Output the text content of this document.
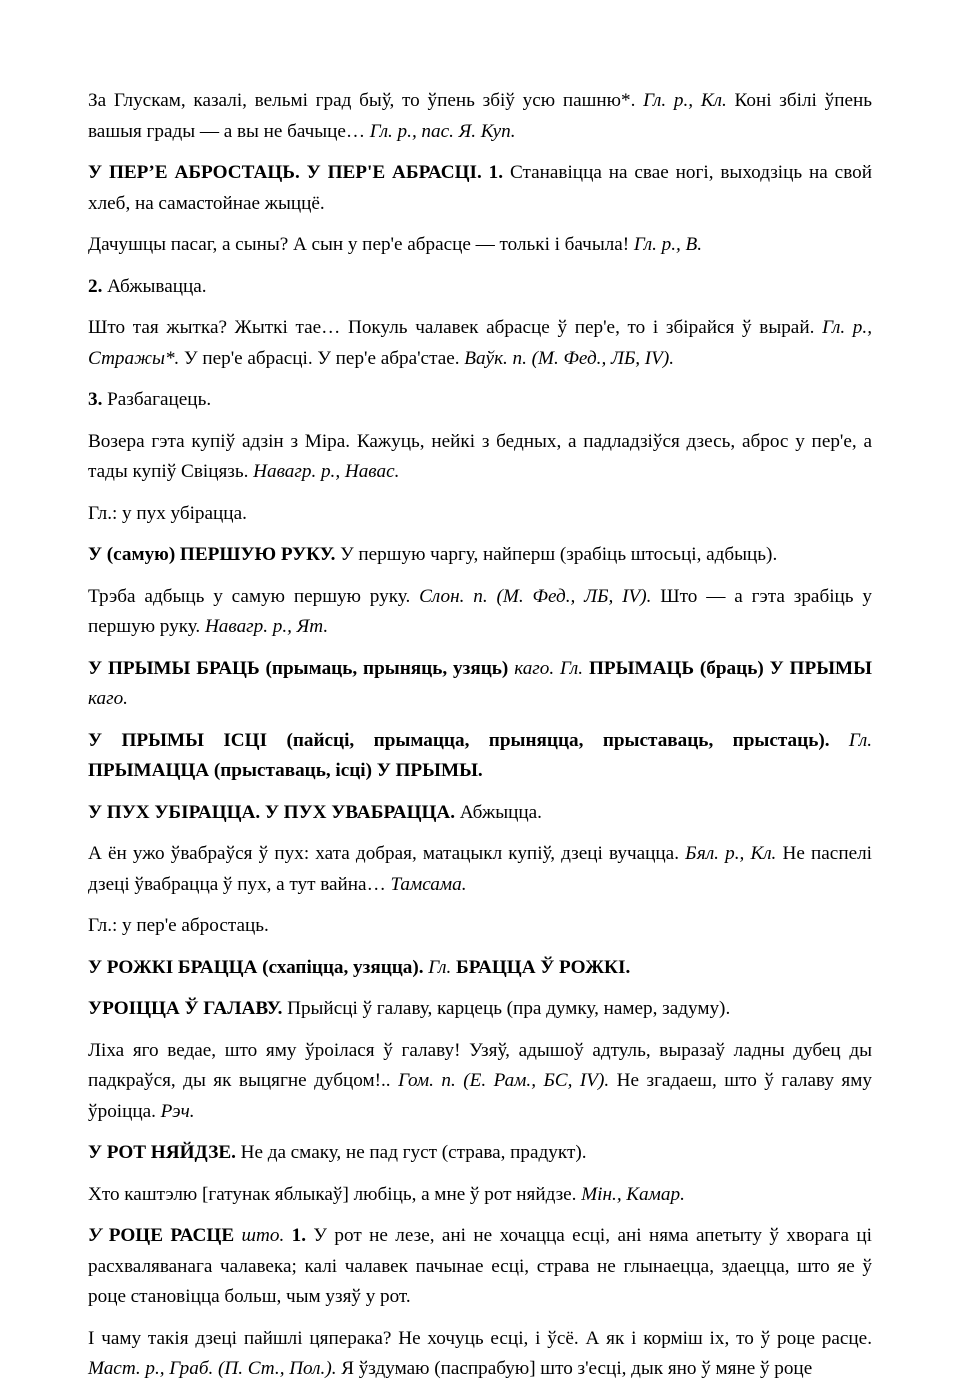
За Глускам, казалі, вельмі град быў, то ўпень збіў усю пашню*. Гл. р., Кл. Коні збілі ўпень вашыя грады — а вы не бачыце… Гл. р., пас. Я. Куп.

У ПЕР’Е АБРОСТАЦЬ. У ПЕР'Е АБРАСЦІ. 1. Станавіцца на свае ногі, выходзіць на свой хлеб, на самастойнае жыццё.

Дачушцы пасаг, а сыны? А сын у пер'е абрасце — толькі і бачыла! Гл. р., В.

2. Абжывацца.

Што тая жытка? Жыткі тае… Покуль чалавек абрасце ў пер'е, то і збірайся ў вырай. Гл. р., Стражы*. У пер'е абрасці. У пер'е абра'стае. Ваўк. п. (М. Фед., ЛБ, IV).

3. Разбагацець.

Возера гэта купіў адзін з Міра. Кажуць, нейкі з бедных, а падладзіўся дзесь, аброс у пер'е, а тады купіў Свіцязь. Навагр. р., Навас.

Гл.: у пух убірацца.

У (самую) ПЕРШУЮ РУКУ. У першую чаргу, найперш (зрабіць штосьці, адбыць).

Трэба адбыць у самую першую руку. Слон. п. (М. Фед., ЛБ, IV). Што — а гэта зрабіць у першую руку. Навагр. р., Ят.

У ПРЫМЫ БРАЦЬ (прымаць, прыняць, узяць) каго. Гл. ПРЫМАЦЬ (браць) У ПРЫМЫ каго.

У ПРЫМЫ ІСЦІ (пайсці, прымацца, прыняцца, прыставаць, прыстаць). Гл. ПРЫМАЦЦА (прыставаць, ісці) У ПРЫМЫ.

У ПУХ УБІРАЦЦА. У ПУХ УВАБРАЦЦА. Абжыцца.

А ён ужо ўвабраўся ў пух: хата добрая, матацыкл купіў, дзеці вучацца. Бял. р., Кл. Не паспелі дзеці ўвабрацца ў пух, а тут вайна… Тамсама.

Гл.: у пер'е абростаць.

У РОЖКІ БРАЦЦА (схапіцца, узяцца). Гл. БРАЦЦА Ў РОЖКІ.

УРОІЦЦА Ў ГАЛАВУ. Прыйсці ў галаву, карцець (пра думку, намер, задуму).

Ліха яго ведае, што яму ўроілася ў галаву! Узяў, адышоў адтуль, выразаў ладны дубец ды падкраўся, ды як выцягне дубцом!.. Гом. п. (Е. Рам., БС, IV). Не згадаеш, што ў галаву яму ўроіцца. Рэч.

У РОТ НЯЙДЗЕ. Не да смаку, не пад густ (страва, прадукт).

Хто каштэлю [гатунак яблыкаў] любіць, а мне ў рот няйдзе. Мін., Камар.

У РОЦЕ РАСЦЕ што. 1. У рот не лезе, ані не хочацца есці, ані няма апетыту ў хворага ці расхваляванага чалавека; калі чалавек пачынае есці, страва не глынаецца, здаецца, што яе ў роце становіцца больш, чым узяў у рот.

І чаму такія дзеці пайшлі цяперака? Не хочуць есці, і ўсё. А як і корміш іх, то ў роце расце. Маст. р., Граб. (П. Ст., Пол.). Я ўздумаю (паспрабую] што з'есці, дык яно ў мяне ў роце
